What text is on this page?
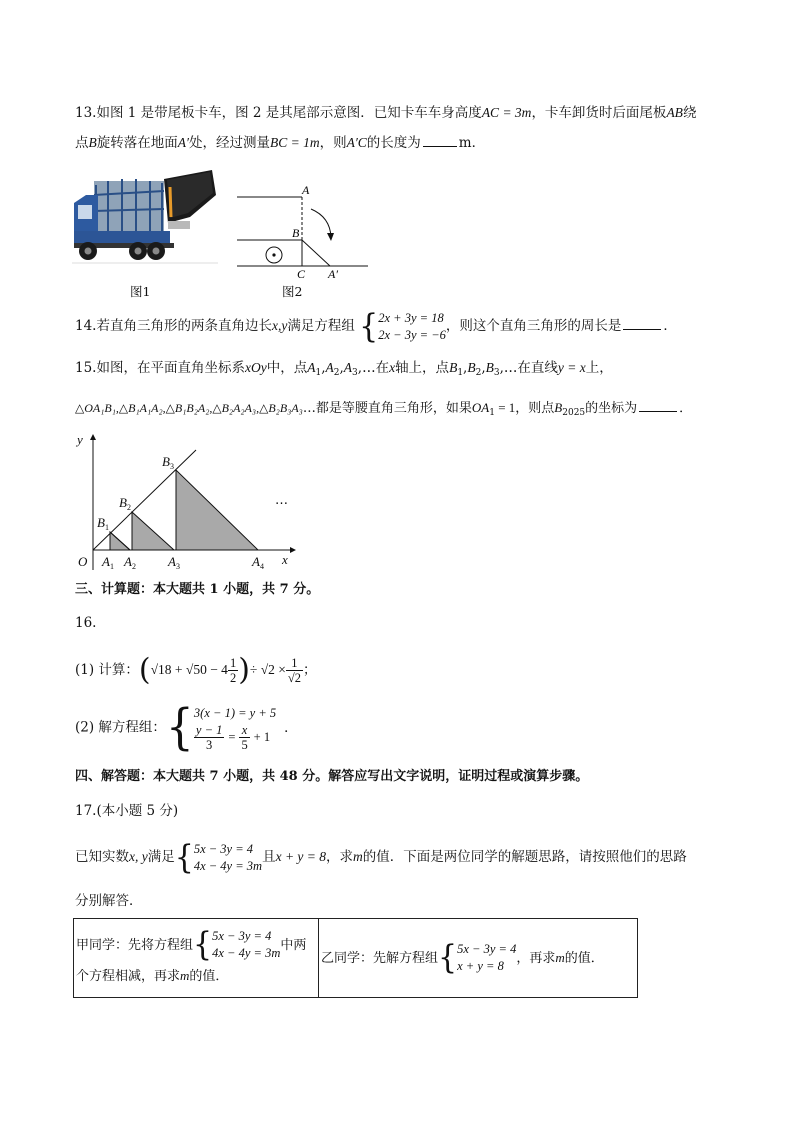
13.如图 1 是带尾板卡车，图 2 是其尾部示意图．已知卡车车身高度AC = 3m，卡车卸货时后面尾板AB绕
点B旋转落在地面A′处，经过测量BC = 1m，则A′C的长度为	m．
图1
A
B
C A′
图2
14.若直角三角形的两条直角边长x,y满足方程组 { 2x + 3y = 18
2x − 3y = −6
，则这个直角三角形的周长是	．
15.如图，在平面直角坐标系xOy中，点$A_1,A_2,A_3,\dots$在x轴上，点$B_1,B_2,B_3,\dots$在直线y = x上，
△OA₁B₁,△B₁A₁A₂,△B₁B₂A₂,△B₂A₂A₃,△B₂B₃A₃…都是等腰直角三角形，如果$OA_1 = 1$，则点$B_{2025}$的坐标为	．
y
x
O $A_1$ $A_2$ $A_3$	$A_4$
$B_1$
$B_2$
$B_3$
…
三、计算题：本大题共 1 小题，共 7 分。
16.
(1) 计算：($√18 + √50 - 4 \frac{1}{2}$ )÷ $√2 \times \frac{1}{√2}$ ；
(2) 解方程组：{ 3(x − 1) = y + 5
$\frac{y - 1}{3} = \frac{x}{5} + 1$
．
四、解答题：本大题共 7 小题，共 48 分。解答应写出文字说明，证明过程或演算步骤。
17.(本小题 5 分)
已知实数x, y满足{ 5x − 3y = 4
4x − 4y = 3m
且x + y = 8，求m的值．下面是两位同学的解题思路，请按照他们的思路
分别解答．
甲同学：先将方程组{ 5x − 3y = 4
4x − 4y = 3m
中两
个方程相减，再求m的值．

乙同学：先解方程组{ 5x − 3y = 4
x + y = 8
，再求m的值．
